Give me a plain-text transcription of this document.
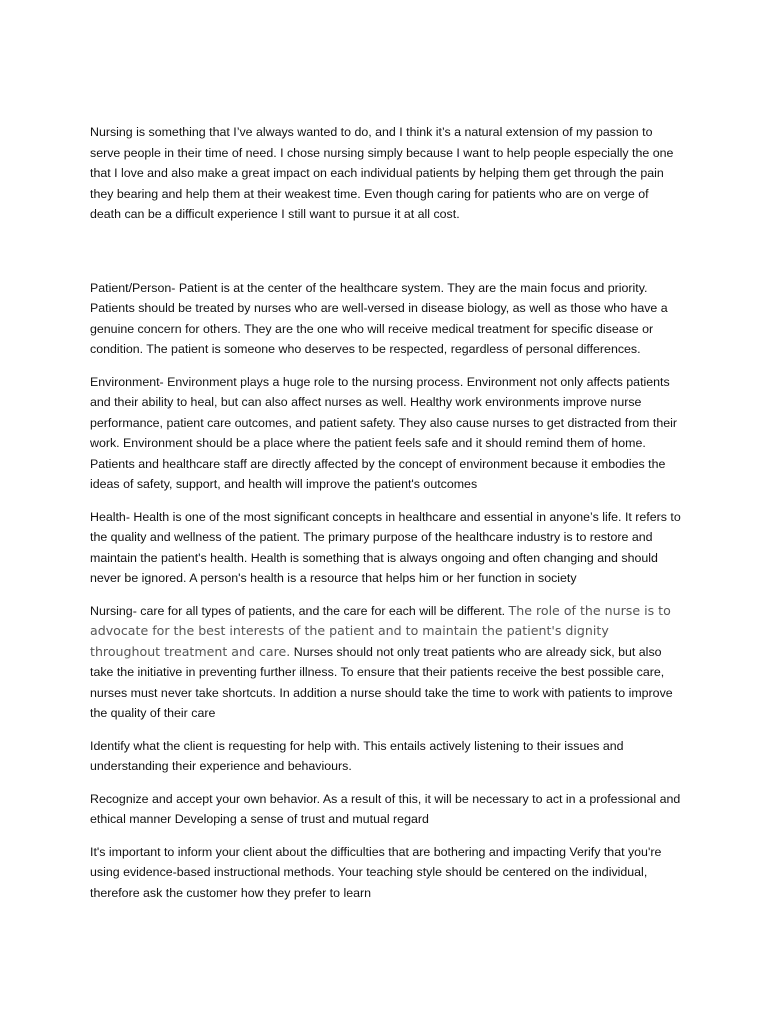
Nursing is something that I’ve always wanted to do, and I think it’s a natural extension of my passion to serve people in their time of need. I chose nursing simply because I want to help people especially the one that I love and also make a great impact on each individual patients by helping them get through the pain they bearing and help them at their weakest time. Even though caring for patients who are on verge of death can be a difficult experience I still want to pursue it at all cost.

Patient/Person- Patient is at the center of the healthcare system. They are the main focus and priority. Patients should be treated by nurses who are well-versed in disease biology, as well as those who have a genuine concern for others. They are the one who will receive medical treatment for specific disease or condition. The patient is someone who deserves to be respected, regardless of personal differences.

Environment- Environment plays a huge role to the nursing process. Environment not only affects patients and their ability to heal, but can also affect nurses as well. Healthy work environments improve nurse performance, patient care outcomes, and patient safety. They also cause nurses to get distracted from their work. Environment should be a place where the patient feels safe and it should remind them of home. Patients and healthcare staff are directly affected by the concept of environment because it embodies the ideas of safety, support, and health will improve the patient's outcomes

Health- Health is one of the most significant concepts in healthcare and essential in anyone’s life. It refers to the quality and wellness of the patient. The primary purpose of the healthcare industry is to restore and maintain the patient's health. Health is something that is always ongoing and often changing and should never be ignored. A person's health is a resource that helps him or her function in society

Nursing- care for all types of patients, and the care for each will be different. The role of the nurse is to advocate for the best interests of the patient and to maintain the patient's dignity throughout treatment and care. Nurses should not only treat patients who are already sick, but also take the initiative in preventing further illness. To ensure that their patients receive the best possible care, nurses must never take shortcuts. In addition a nurse should take the time to work with patients to improve the quality of their care

Identify what the client is requesting for help with. This entails actively listening to their issues and understanding their experience and behaviours.

Recognize and accept your own behavior. As a result of this, it will be necessary to act in a professional and ethical manner Developing a sense of trust and mutual regard

It's important to inform your client about the difficulties that are bothering and impacting Verify that you're using evidence-based instructional methods. Your teaching style should be centered on the individual, therefore ask the customer how they prefer to learn
